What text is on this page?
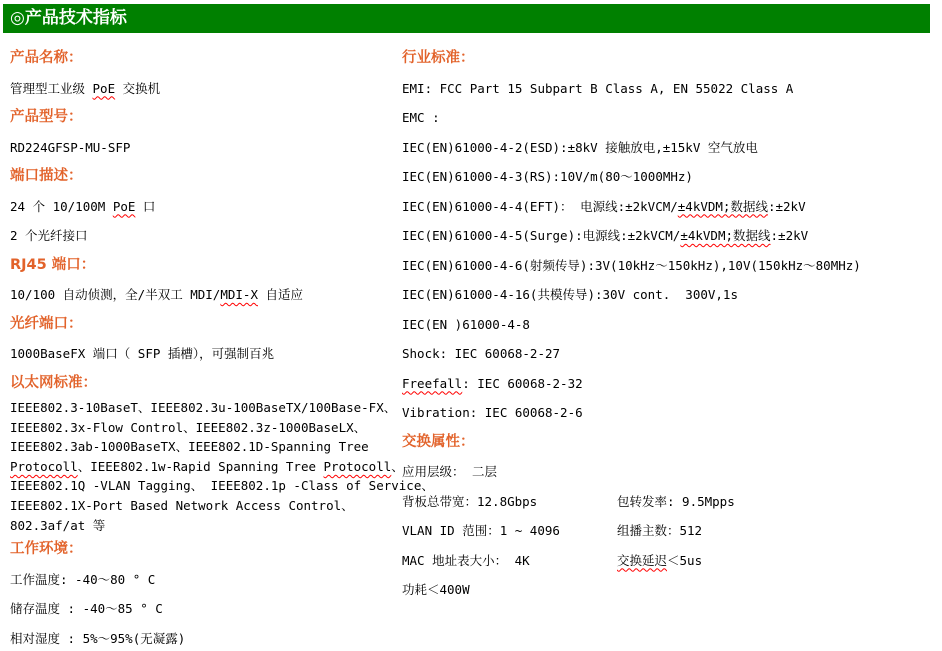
◎产品技术指标
产品名称：
管理型工业级 PoE 交换机
产品型号：
RD224GFSP-MU-SFP
端口描述：
24 个 10/100M PoE 口
2 个光纤接口
RJ45 端口：
10/100 自动侦测，全/半双工 MDI/MDI-X 自适应
光纤端口：
1000BaseFX 端口（ SFP 插槽），可强制百兆
以太网标准：
IEEE802.3-10BaseT、IEEE802.3u-100BaseTX/100Base-FX、
IEEE802.3x-Flow Control、IEEE802.3z-1000BaseLX、
IEEE802.3ab-1000BaseTX、IEEE802.1D-Spanning Tree
Protocoll、IEEE802.1w-Rapid Spanning Tree Protocoll、
IEEE802.1Q -VLAN Tagging、 IEEE802.1p -Class of Service、
IEEE802.1X-Port Based Network Access Control、
802.3af/at 等
工作环境：
工作温度: -40～80 ° C
储存温度 : -40～85 ° C
相对湿度 : 5%～95%(无凝露)
行业标准：
EMI: FCC Part 15 Subpart B Class A, EN 55022 Class A
EMC :
IEC(EN)61000-4-2(ESD):±8kV 接触放电,±15kV 空气放电
IEC(EN)61000-4-3(RS):10V/m(80～1000MHz)
IEC(EN)61000-4-4(EFT)： 电源线:±2kVCM/±4kVDM;数据线:±2kV
IEC(EN)61000-4-5(Surge):电源线:±2kVCM/±4kVDM;数据线:±2kV
IEC(EN)61000-4-6(射频传导):3V(10kHz～150kHz),10V(150kHz～80MHz)
IEC(EN)61000-4-16(共模传导):30V cont.  300V,1s
IEC(EN )61000-4-8
Shock: IEC 60068-2-27
Freefall: IEC 60068-2-32
Vibration: IEC 60068-2-6
交换属性：
应用层级： 二层
背板总带宽：12.8Gbps	包转发率: 9.5Mpps
VLAN ID 范围：1 ~ 4096	组播主数：512
MAC 地址表大小： 4K	交换延迟＜5us
功耗＜400W
